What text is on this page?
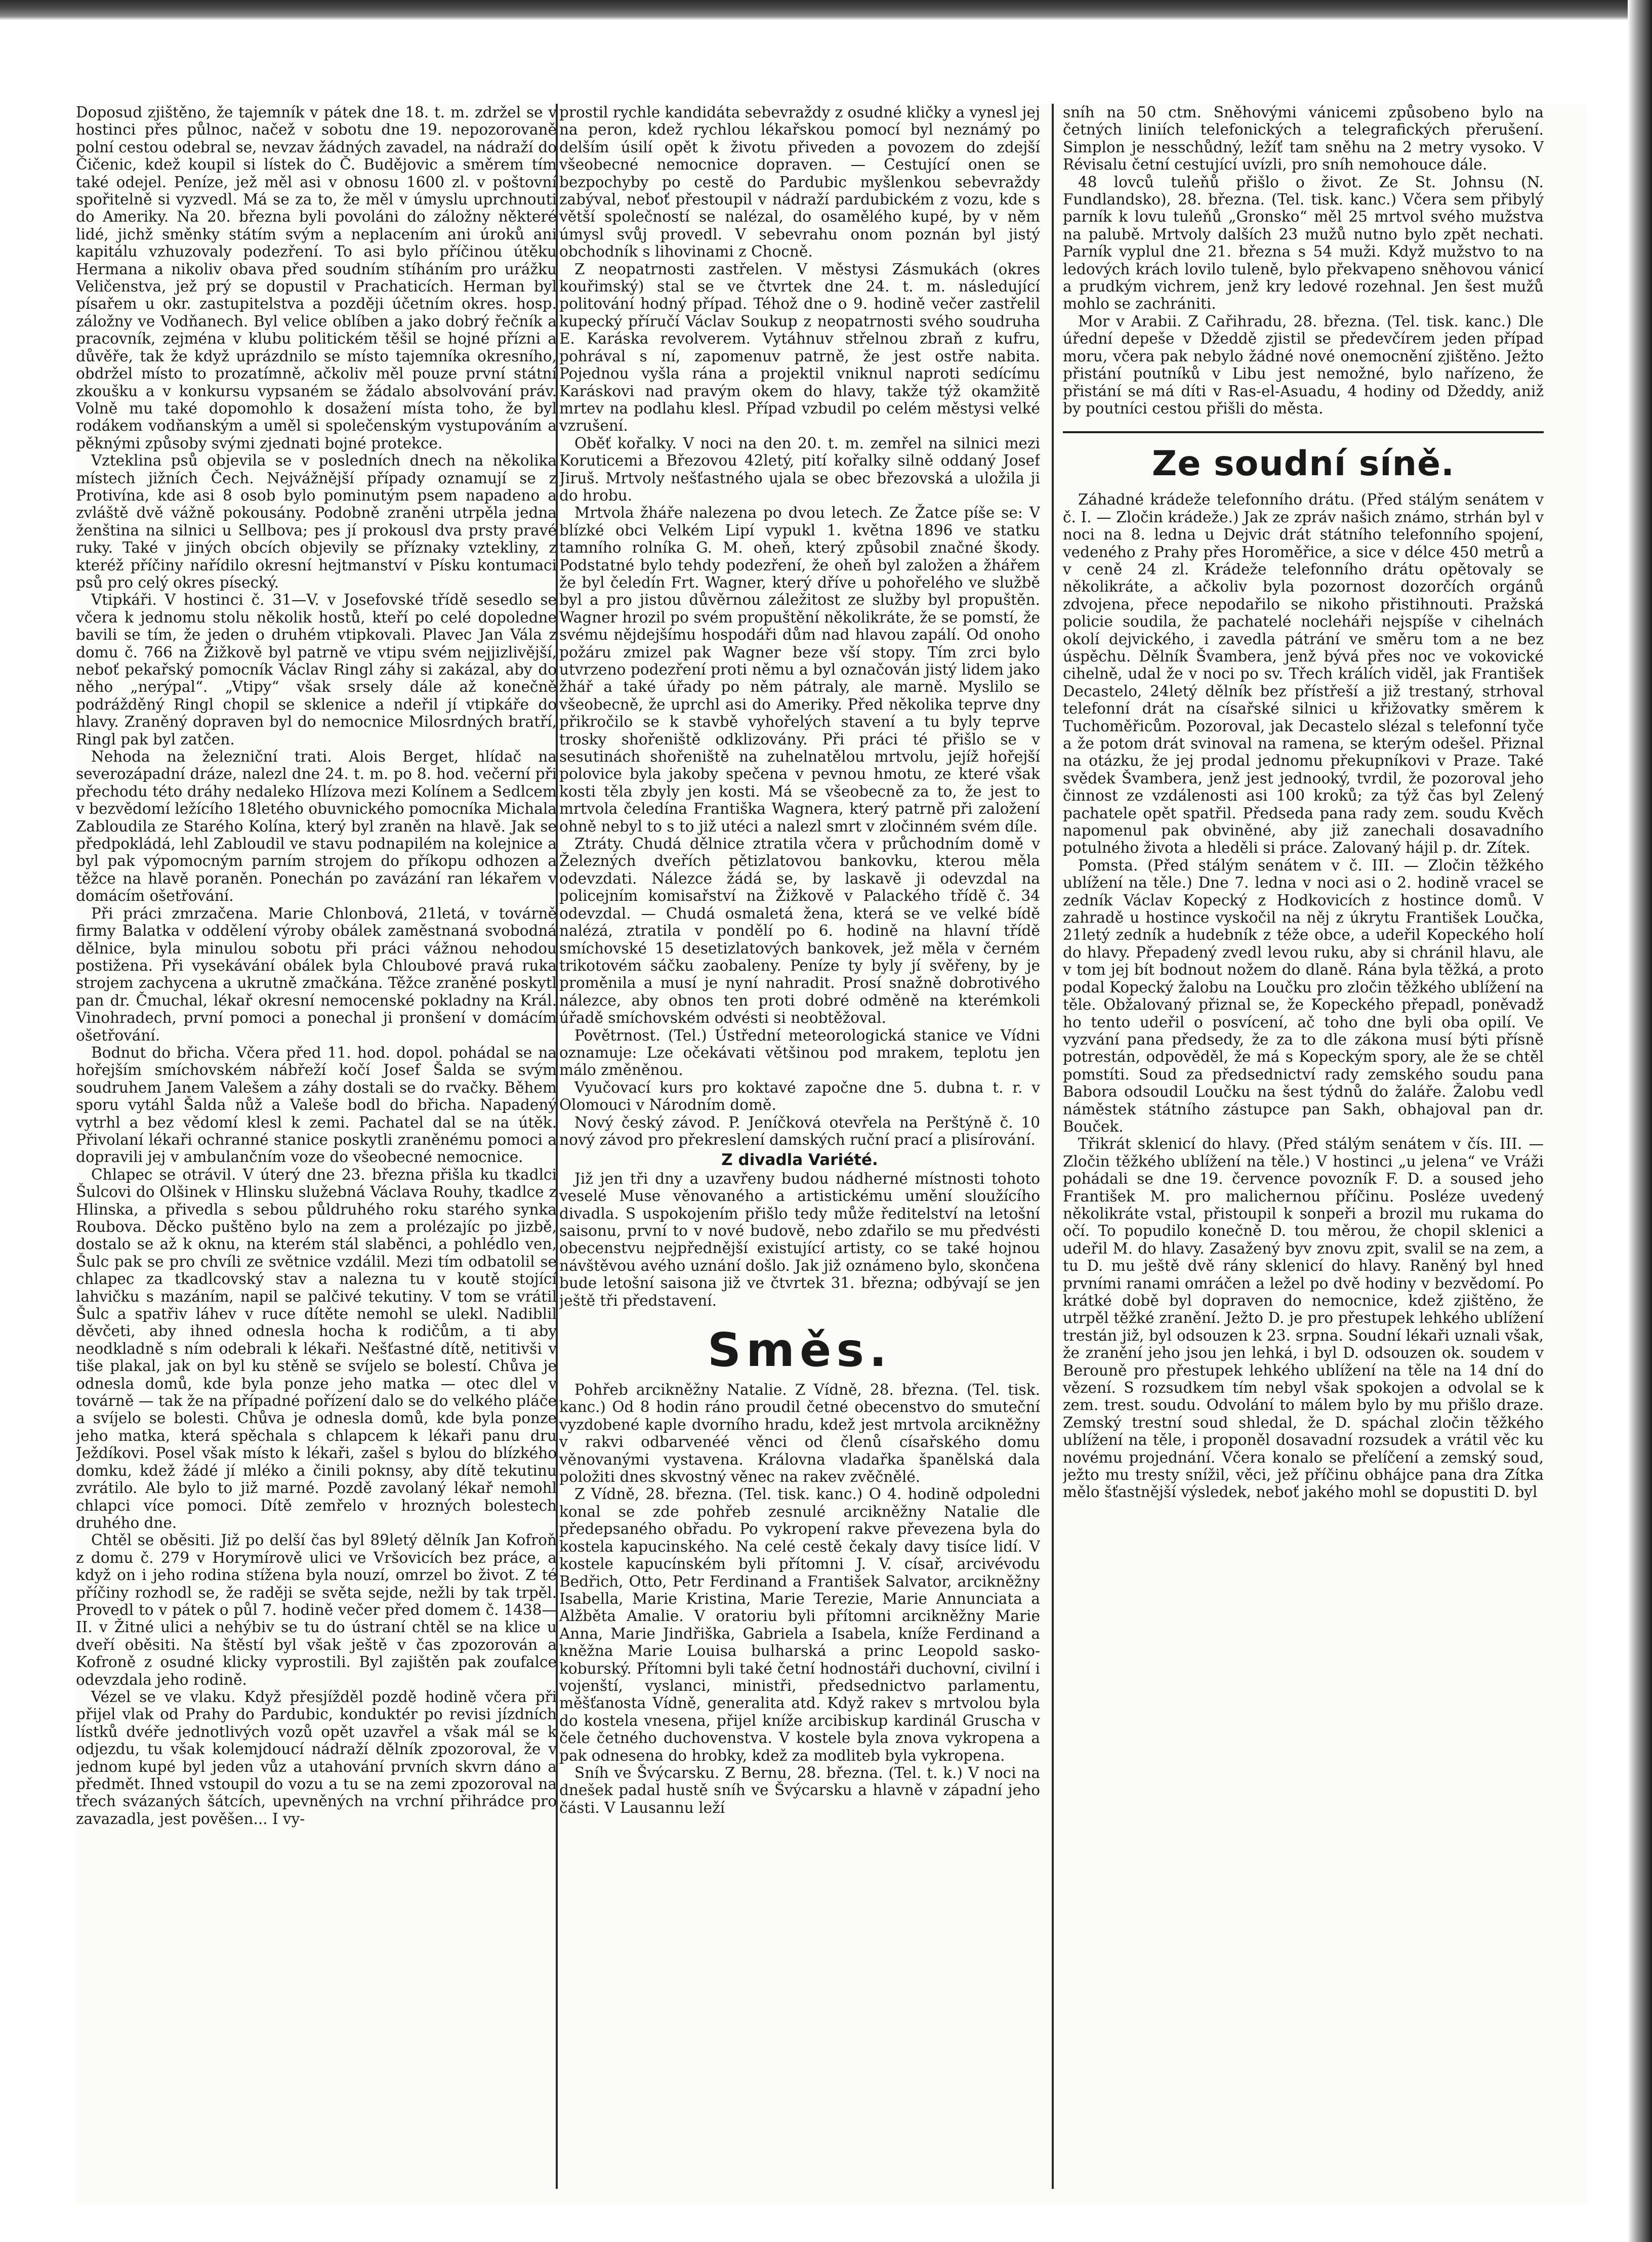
Doposud zjištěno, že tajemník v pátek dne 18. t. m. zdržel se v hostinci přes půlnoc, načež v sobotu dne 19. nepozorovaně polní cestou odebral se, nevzav žádných zavadel, na nádraží do Čičenic, kdež koupil si lístek do Č. Budějovic a směrem tím také odejel. Peníze, jež měl asi v obnosu 1600 zl. v poštovní spořitelně si vyzvedl. Má se za to, že měl v úmyslu uprchnouti do Ameriky. Na 20. března byli povoláni do záložny některé lidé, jichž směnky státím svým a neplacením ani úroků ani kapitálu vzhuzovaly podezření. To asi bylo příčinou útěku Hermana a nikoliv obava před soudním stíháním pro urážku Veličenstva, jež prý se dopustil v Prachaticích. Herman byl písařem u okr. zastupitelstva a později účetním okres. hosp. záložny ve Vodňanech. Byl velice oblíben a jako dobrý řečník a pracovník, zejména v klubu politickém těšil se hojné přízni a důvěře, tak že když uprázdnilo se místo tajemníka okresního, obdržel místo to prozatímně, ačkoliv měl pouze první státní zkoušku a v konkursu vypsaném se žádalo absolvování práv. Volně mu také dopomohlo k dosažení místa toho, že byl rodákem vodňanským a uměl si společenským vystupováním a pěknými způsoby svými zjednati bojné protekce.

Vzteklina psů objevila se v posledních dnech na několika místech jižních Čech. Nejvážnější případy oznamují se z Protivína, kde asi 8 osob bylo pominutým psem napadeno a zvláště dvě vážně pokousány. Podobně zraněni utrpěla jedna ženština na silnici u Sellbova; pes jí prokousl dva prsty pravé ruky. Také v jiných obcích objevily se příznaky vztekliny, z kteréž příčiny nařídilo okresní hejtmanství v Písku kontumaci psů pro celý okres písecký.

Vtipkáři. V hostinci č. 31—V. v Josefovské třídě sesedlo se včera k jednomu stolu několik hostů, kteří po celé dopoledne bavili se tím, že jeden o druhém vtipkovali. Plavec Jan Vála z domu č. 766 na Žižkově byl patrně ve vtipu svém nejjizlivější, neboť pekařský pomocník Václav Ringl záhy si zakázal, aby do něho „nerýpal“. „Vtipy“ však srsely dále až konečně podrážděný Ringl chopil se sklenice a ndeřil jí vtipkáře do hlavy. Zraněný dopraven byl do nemocnice Milosrdných bratří, Ringl pak byl zatčen.

Nehoda na železniční trati. Alois Berget, hlídač na severozápadní dráze, nalezl dne 24. t. m. po 8. hod. večerní při přechodu této dráhy nedaleko Hlízova mezi Kolínem a Sedlcem v bezvědomí ležícího 18letého obuvnického pomocníka Michala Zabloudila ze Starého Kolína, který byl zraněn na hlavě. Jak se předpokládá, lehl Zabloudil ve stavu podnapilém na kolejnice a byl pak výpomocným parním strojem do příkopu odhozen a těžce na hlavě poraněn. Ponechán po zavázání ran lékařem v domácím ošetřování.

Při práci zmrzačena. Marie Chlonbová, 21letá, v továrně firmy Balatka v oddělení výroby obálek zaměstnaná svobodná dělnice, byla minulou sobotu při práci vážnou nehodou postižena. Při vysekávání obálek byla Chloubové pravá ruka strojem zachycena a ukrutně zmačkána. Těžce zraněné poskytl pan dr. Čmuchal, lékař okresní nemocenské pokladny na Král. Vinohradech, první pomoci a ponechal ji pronšení v domácím ošetřování.

Bodnut do břicha. Včera před 11. hod. dopol. pohádal se na hořejším smíchovském nábřeží kočí Josef Šalda se svým soudruhem Janem Valešem a záhy dostali se do rvačky. Během sporu vytáhl Šalda nůž a Valeše bodl do břicha. Napadený vytrhl a bez vědomí klesl k zemi. Pachatel dal se na útěk. Přivolaní lékaři ochranné stanice poskytli zraněnému pomoci a dopravili jej v ambulančním voze do všeobecné nemocnice.

Chlapec se otrávil. V úterý dne 23. března přišla ku tkadlci Šulcovi do Olšinek v Hlinsku služebná Václava Rouhy, tkadlce z Hlinska, a přivedla s sebou půldruhého roku starého synka Roubova. Děcko puštěno bylo na zem a prolézajíc po jizbě, dostalo se až k oknu, na kterém stál slaběnci, a pohlédlo ven, Šulc pak se pro chvíli ze světnice vzdálil. Mezi tím odbatolil se chlapec za tkadlcovský stav a nalezna tu v koutě stojící lahvičku s mazáním, napil se palčivé tekutiny. V tom se vrátil Šulc a spatřiv láhev v ruce dítěte nemohl se ulekl. Nadiblil děvčeti, aby ihned odnesla hocha k rodičům, a ti aby neodkladně s ním odebrali k lékaři. Nešťastné dítě, netitivši v tiše plakal, jak on byl ku stěně se svíjelo se bolestí. Chůva je odnesla domů, kde byla ponze jeho matka — otec dlel v továrně — tak že na případné pořízení dalo se do velkého pláče a svíjelo se bolesti. Chůva je odnesla domů, kde byla ponze jeho matka, která spěchala s chlapcem k lékaři panu dru Ježdíkovi. Posel však místo k lékaři, zašel s bylou do blízkého domku, kdež žádé jí mléko a činili poknsy, aby dítě tekutinu zvrátilo. Ale bylo to již marné. Pozdě zavolaný lékař nemohl chlapci více pomoci. Dítě zemřelo v hrozných bolestech druhého dne.

Chtěl se oběsiti. Již po delší čas byl 89letý dělník Jan Kofroň z domu č. 279 v Horymírově ulici ve Vršovicích bez práce, a když on i jeho rodina stížena byla nouzí, omrzel bo život. Z té příčiny rozhodl se, že raději se světa sejde, nežli by tak trpěl. Provedl to v pátek o půl 7. hodině večer před domem č. 1438—II. v Žitné ulici a nehýbiv se tu do ústraní chtěl se na klice u dveří oběsiti. Na štěstí byl však ještě v čas zpozorován a Kofroně z osudné klicky vyprostili. Byl zajištěn pak zoufalce odevzdala jeho rodině.

Vézel se ve vlaku. Když přesjížděl pozdě hodině včera při přijel vlak od Prahy do Pardubic, konduktér po revisi jízdních lístků dvéře jednotlivých vozů opět uzavřel a však mál se k odjezdu, tu však kolemjdoucí nádraží dělník zpozoroval, že v jednom kupé byl jeden vůz a utahování prvních skvrn dáno a předmět. Ihned vstoupil do vozu a tu se na zemi zpozoroval na třech svázaných šátcích, upevněných na vrchní přihrádce pro zavazadla, jest pověšen... I vy-

prostil rychle kandidáta sebevraždy z osudné kličky a vynesl jej na peron, kdež rychlou lékařskou pomocí byl neznámý po delším úsilí opět k životu přiveden a povozem do zdejší všeobecné nemocnice dopraven. — Cestující onen se bezpochyby po cestě do Pardubic myšlenkou sebevraždy zabýval, neboť přestoupil v nádraží pardubickém z vozu, kde s větší společností se nalézal, do osamělého kupé, by v něm úmysl svůj provedl. V sebevrahu onom poznán byl jistý obchodník s lihovinami z Chocně.

Z neopatrnosti zastřelen. V městysi Zásmukách (okres kouřimský) stal se ve čtvrtek dne 24. t. m. následující politování hodný případ. Téhož dne o 9. hodině večer zastřelil kupecký příručí Václav Soukup z neopatrnosti svého soudruha E. Karáska revolverem. Vytáhnuv střelnou zbraň z kufru, pohrával s ní, zapomenuv patrně, že jest ostře nabita. Pojednou vyšla rána a projektil vniknul naproti sedícímu Karáskovi nad pravým okem do hlavy, takže týž okamžitě mrtev na podlahu klesl. Případ vzbudil po celém městysi velké vzrušení.

Oběť kořalky. V noci na den 20. t. m. zemřel na silnici mezi Koruticemi a Březovou 42letý, pití kořalky silně oddaný Josef Jiruš. Mrtvoly nešťastného ujala se obec březovská a uložila ji do hrobu.

Mrtvola žháře nalezena po dvou letech. Ze Žatce píše se: V blízké obci Velkém Lipí vypukl 1. května 1896 ve statku tamního rolníka G. M. oheň, který způsobil značné škody. Podstatné bylo tehdy podezření, že oheň byl založen a žhářem že byl čeledín Frt. Wagner, který dříve u pohořelého ve službě byl a pro jistou důvěrnou záležitost ze služby byl propuštěn. Wagner hrozil po svém propuštění několikráte, že se pomstí, že svému nějdejšímu hospodáři dům nad hlavou zapálí. Od onoho požáru zmizel pak Wagner beze vší stopy. Tím zrci bylo utvrzeno podezření proti němu a byl označován jistý lidem jako žhář a také úřady po něm pátraly, ale marně. Myslilo se všeobecně, že uprchl asi do Ameriky. Před několika teprve dny přikročilo se k stavbě vyhořelých stavení a tu byly teprve trosky shořeniště odklizovány. Při práci té přišlo se v sesutinách shořeniště na zuhelnatělou mrtvolu, jejíž hořejší polovice byla jakoby spečena v pevnou hmotu, ze které však kosti těla zbyly jen kosti. Má se všeobecně za to, že jest to mrtvola čeledína Františka Wagnera, který patrně při založení ohně nebyl to s to již utéci a nalezl smrt v zločinném svém díle.

Ztráty. Chudá dělnice ztratila včera v průchodním domě v Železných dveřích pětizlatovou bankovku, kterou měla odevzdati. Nálezce žádá se, by laskavě ji odevzdal na policejním komisařství na Žižkově v Palackého třídě č. 34 odevzdal. — Chudá osmaletá žena, která se ve velké bídě nalézá, ztratila v pondělí po 6. hodině na hlavní třídě smíchovské 15 desetizlatových bankovek, jež měla v černém trikotovém sáčku zaobaleny. Peníze ty byly jí svěřeny, by je proměnila a musí je nyní nahradit. Prosí snažně dobrotivého nálezce, aby obnos ten proti dobré odměně na kterémkoli úřadě smíchovském odvésti si neobtěžoval.

Povětrnost. (Tel.) Ústřední meteorologická stanice ve Vídni oznamuje: Lze očekávati většinou pod mrakem, teplotu jen málo změněnou.

Vyučovací kurs pro koktavé započne dne 5. dubna t. r. v Olomouci v Národním domě.

Nový český závod. P. Jeníčková otevřela na Perštýně č. 10 nový závod pro překreslení damských ruční prací a plisírování.

Z divadla Variété.

Již jen tři dny a uzavřeny budou nádherné místnosti tohoto veselé Muse věnovaného a artistickému umění sloužícího divadla. S uspokojením přišlo tedy může ředitelství na letošní saisonu, první to v nové budově, nebo zdařilo se mu předvésti obecenstvu nejpřednější existující artisty, co se také hojnou návštěvou avého uznání došlo. Jak již oznámeno bylo, skončena bude letošní saisona již ve čtvrtek 31. března; odbývají se jen ještě tři představení.

Směs.

Pohřeb arcikněžny Natalie. Z Vídně, 28. března. (Tel. tisk. kanc.) Od 8 hodin ráno proudil četné obecenstvo do smuteční vyzdobené kaple dvorního hradu, kdež jest mrtvola arcikněžny v rakvi odbarvenéé věnci od členů císařského domu věnovanými vystavena. Královna vladařka španělská dala položiti dnes skvostný věnec na rakev zvěčnělé.

Z Vídně, 28. března. (Tel. tisk. kanc.) O 4. hodině odpoledni konal se zde pohřeb zesnulé arcikněžny Natalie dle předepsaného obřadu. Po vykropení rakve převezena byla do kostela kapucinského. Na celé cestě čekaly davy tisíce lidí. V kostele kapucínském byli přítomni J. V. císař, arcivévodu Bedřich, Otto, Petr Ferdinand a František Salvator, arcikněžny Isabella, Marie Kristina, Marie Terezie, Marie Annunciata a Alžběta Amalie. V oratoriu byli přítomni arcikněžny Marie Anna, Marie Jindřiška, Gabriela a Isabela, kníže Ferdinand a kněžna Marie Louisa bulharská a princ Leopold sasko-koburský. Přítomni byli také četní hodnostáři duchovní, civilní i vojenští, vyslanci, ministři, předsednictvo parlamentu, měšťanosta Vídně, generalita atd. Když rakev s mrtvolou byla do kostela vnesena, přijel kníže arcibiskup kardinál Gruscha v čele četného duchovenstva. V kostele byla znova vykropena a pak odnesena do hrobky, kdež za modliteb byla vykropena.

Sníh ve Švýcarsku. Z Bernu, 28. března. (Tel. t. k.) V noci na dnešek padal hustě sníh ve Švýcarsku a hlavně v západní jeho části. V Lausannu leží

sníh na 50 ctm. Sněhovými vánicemi způsobeno bylo na četných liniích telefonických a telegrafických přerušení. Simplon je nesschůdný, ležíť tam sněhu na 2 metry vysoko. V Révisalu četní cestující uvízli, pro sníh nemohouce dále.

48 lovců tuleňů přišlo o život. Ze St. Johnsu (N. Fundlandsko), 28. března. (Tel. tisk. kanc.) Včera sem přibylý parník k lovu tuleňů „Gronsko“ měl 25 mrtvol svého mužstva na palubě. Mrtvoly dalších 23 mužů nutno bylo zpět nechati. Parník vyplul dne 21. března s 54 muži. Když mužstvo to na ledových krách lovilo tuleně, bylo překvapeno sněhovou vánicí a prudkým vichrem, jenž kry ledové rozehnal. Jen šest mužů mohlo se zachrániti.

Mor v Arabii. Z Cařihradu, 28. března. (Tel. tisk. kanc.) Dle úřední depeše v Džeddě zjistil se předevčírem jeden případ moru, včera pak nebylo žádné nové onemocnění zjištěno. Ježto přistání poutníků v Libu jest nemožné, bylo nařízeno, že přistání se má díti v Ras-el-Asuadu, 4 hodiny od Džeddy, aniž by poutníci cestou přišli do města.

Ze soudní síně.

Záhadné krádeže telefonního drátu. (Před stálým senátem v č. I. — Zločin krádeže.) Jak ze zpráv našich známo, strhán byl v noci na 8. ledna u Dejvic drát státního telefonního spojení, vedeného z Prahy přes Horoměřice, a sice v délce 450 metrů a v ceně 24 zl. Krádeže telefonního drátu opětovaly se několikráte, a ačkoliv byla pozornost dozorčích orgánů zdvojena, přece nepodařilo se nikoho přistihnouti. Pražská policie soudila, že pachatelé nocleháři nejspíše v cihelnách okolí dejvického, i zavedla pátrání ve směru tom a ne bez úspěchu. Dělník Švambera, jenž bývá přes noc ve vokovické cihelně, udal že v noci po sv. Třech králích viděl, jak František Decastelo, 24letý dělník bez přístřeší a již trestaný, strhoval telefonní drát na císařské silnici u křižovatky směrem k Tuchoměřicům. Pozoroval, jak Decastelo slézal s telefonní tyče a že potom drát svinoval na ramena, se kterým odešel. Přiznal na otázku, že jej prodal jednomu překupníkovi v Praze. Také svědek Švambera, jenž jest jednooký, tvrdil, že pozoroval jeho činnost ze vzdálenosti asi 100 kroků; za týž čas byl Zelený pachatele opět spatřil. Předseda pana rady zem. soudu Kvěch napomenul pak obviněné, aby již zanechali dosavadního potulného života a hleděli si práce. Zalovaný hájil p. dr. Zítek.

Pomsta. (Před stálým senátem v č. III. — Zločin těžkého ublížení na těle.) Dne 7. ledna v noci asi o 2. hodině vracel se zedník Václav Kopecký z Hodkovicích z hostince domů. V zahradě u hostince vyskočil na něj z úkrytu František Loučka, 21letý zedník a hudebník z téže obce, a udeřil Kopeckého holí do hlavy. Přepadený zvedl levou ruku, aby si chránil hlavu, ale v tom jej bít bodnout nožem do dlaně. Rána byla těžká, a proto podal Kopecký žalobu na Loučku pro zločin těžkého ublížení na těle. Obžalovaný přiznal se, že Kopeckého přepadl, poněvadž ho tento udeřil o posvícení, ač toho dne byli oba opilí. Ve vyzvání pana předsedy, že za to dle zákona musí býti přísně potrestán, odpověděl, že má s Kopeckým spory, ale že se chtěl pomstíti. Soud za předsednictví rady zemského soudu pana Babora odsoudil Loučku na šest týdnů do žaláře. Žalobu vedl náměstek státního zástupce pan Sakh, obhajoval pan dr. Bouček.

Třikrát sklenicí do hlavy. (Před stálým senátem v čís. III. — Zločin těžkého ublížení na těle.) V hostinci „u jelena“ ve Vráži pohádali se dne 19. července povozník F. D. a soused jeho František M. pro malichernou příčinu. Posléze uvedený několikráte vstal, přistoupil k sonpeři a brozil mu rukama do očí. To popudilo konečně D. tou měrou, že chopil sklenici a udeřil M. do hlavy. Zasažený byv znovu zpit, svalil se na zem, a tu D. mu ještě dvě rány sklenicí do hlavy. Raněný byl hned prvními ranami omráčen a ležel po dvě hodiny v bezvědomí. Po krátké době byl dopraven do nemocnice, kdež zjištěno, že utrpěl těžké zranění. Ježto D. je pro přestupek lehkého ublížení trestán již, byl odsouzen k 23. srpna. Soudní lékaři uznali však, že zranění jeho jsou jen lehká, i byl D. odsouzen ok. soudem v Berouně pro přestupek lehkého ublížení na těle na 14 dní do vězení. S rozsudkem tím nebyl však spokojen a odvolal se k zem. trest. soudu. Odvolání to málem bylo by mu přišlo draze. Zemský trestní soud shledal, že D. spáchal zločin těžkého ublížení na těle, i proponěl dosavadní rozsudek a vrátil věc ku novému projednání. Včera konalo se přelíčení a zemský soud, ježto mu tresty snížil, věci, jež příčinu obhájce pana dra Zítka mělo šťastnější výsledek, neboť jakého mohl se dopustiti D. byl
